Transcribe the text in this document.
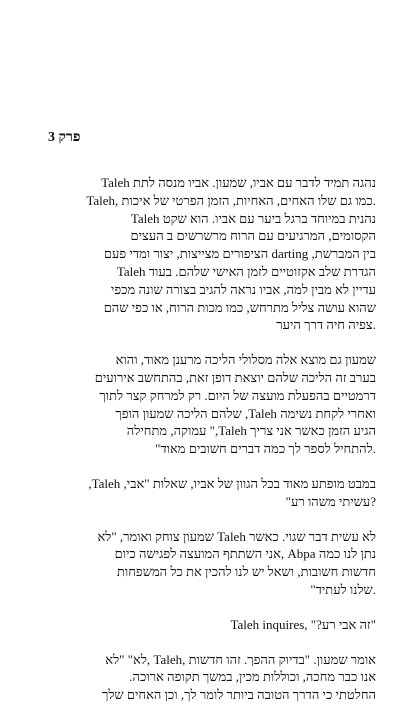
פרק 3

נהגה תמיד לדבר עם אביו, שמעון. אביו מנסה לתת Taleh
.כמו גם שלו האחים, האחיות, הזמן הפרטי של איכות ,Taleh
נהנית במיוחד ברגל ביער עם אביו. הוא שקט Taleh
הקסומים, המרגיעים עם הרוח מרשרשים ב העצים
בין המברשת, darting הציפורים מצייצות, יצור ומדי פעם
Taleh הגדרת שלב אקזוטיים לזמן האישי שלהם. בעוד
עדיין לא מבין למה, אביו נראה להגיב בצורה שונה מכפי
שהוא עושה צליל מתרחש, כמו מכות הרוח, או כפי שהם
.צפיה חיה דרך היער

שמעון גם מוצא אלה מסלולי הליכה מרענן מאוד, והוא
בערב זה הליכה שלהם יוצאת דופן זאת, בהתחשב אירועים
דרמטיים בהפעלת מועצה של היום. רק למרחק קצר לתוך
ואחרי לקחת נשימה Taleh, שלהם הליכה שמעון הופך
הגיע הזמן כאשר אני צריך Taleh," עמוקה, מתחילה
.להתחיל לספר לך כמה דברים חשובים מאוד"

במבט מופתע מאוד בכל הגוון של אביו, שאלות "אבי, Taleh,
?עשיתי משהו רע"

לא עשית דבר שגוי. כאשר Taleh שמעון צוחק ואומר, "לא
נתן לנו כמה Abpa ,אני השתתף המועצה לפגישה כיום
חדשות חשובות, ושאל יש לנו להכין את כל המשפחות
.שלנו לעתיד"

Taleh inquires, "?זה אבי רע"

אומר שמעון. "בדיוק ההפך. זהו חדשות ,Taleh ,לא" "לא
אנו כבר מחכה, וכוללות מכין, במשך תקופה ארוכה.
החלטתי כי הדרך הטובה ביותר לומר לך, וכן האחים שלך
